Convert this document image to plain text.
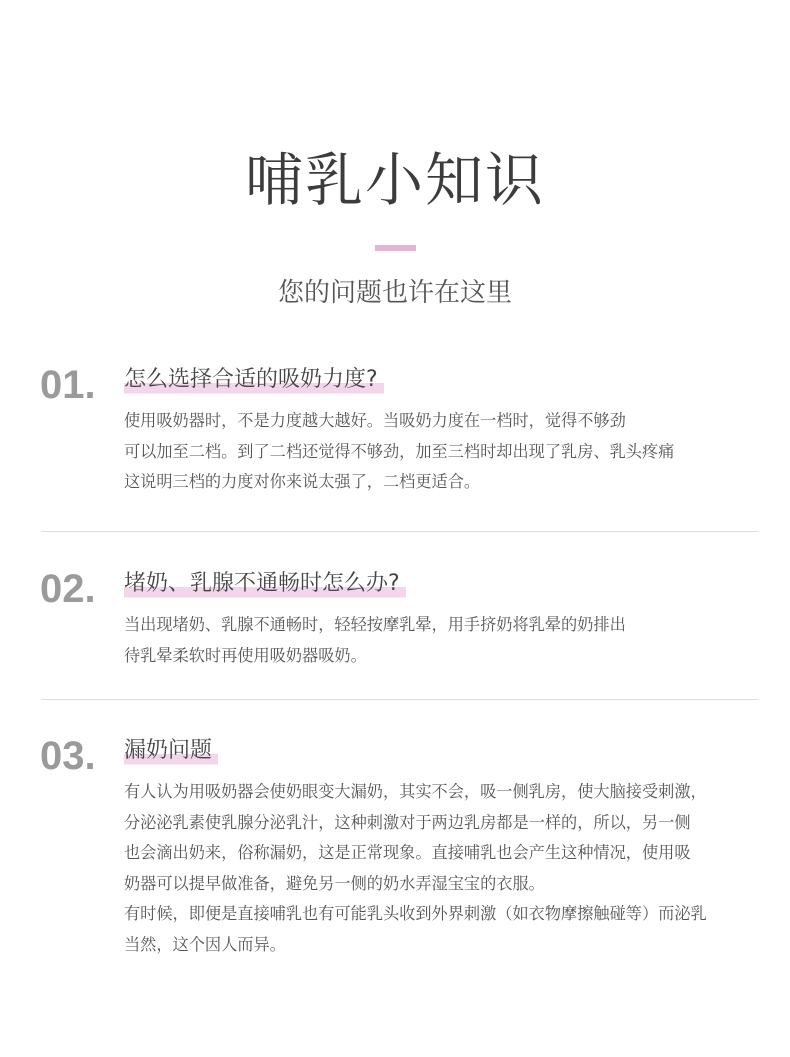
哺乳小知识
您的问题也许在这里
01. 怎么选择合适的吸奶力度?
使用吸奶器时，不是力度越大越好。当吸奶力度在一档时，觉得不够劲
可以加至二档。到了二档还觉得不够劲，加至三档时却出现了乳房、乳头疼痛
这说明三档的力度对你来说太强了，二档更适合。
02. 堵奶、乳腺不通畅时怎么办?
当出现堵奶、乳腺不通畅时，轻轻按摩乳晕，用手挤奶将乳晕的奶排出
待乳晕柔软时再使用吸奶器吸奶。
03. 漏奶问题
有人认为用吸奶器会使奶眼变大漏奶，其实不会，吸一侧乳房，使大脑接受刺激，
分泌泌乳素使乳腺分泌乳汁，这种刺激对于两边乳房都是一样的，所以，另一侧
也会滴出奶来，俗称漏奶，这是正常现象。直接哺乳也会产生这种情况，使用吸
奶器可以提早做准备，避免另一侧的奶水弄湿宝宝的衣服。
有时候，即便是直接哺乳也有可能乳头收到外界刺激（如衣物摩擦触碰等）而泌乳
当然，这个因人而异。
